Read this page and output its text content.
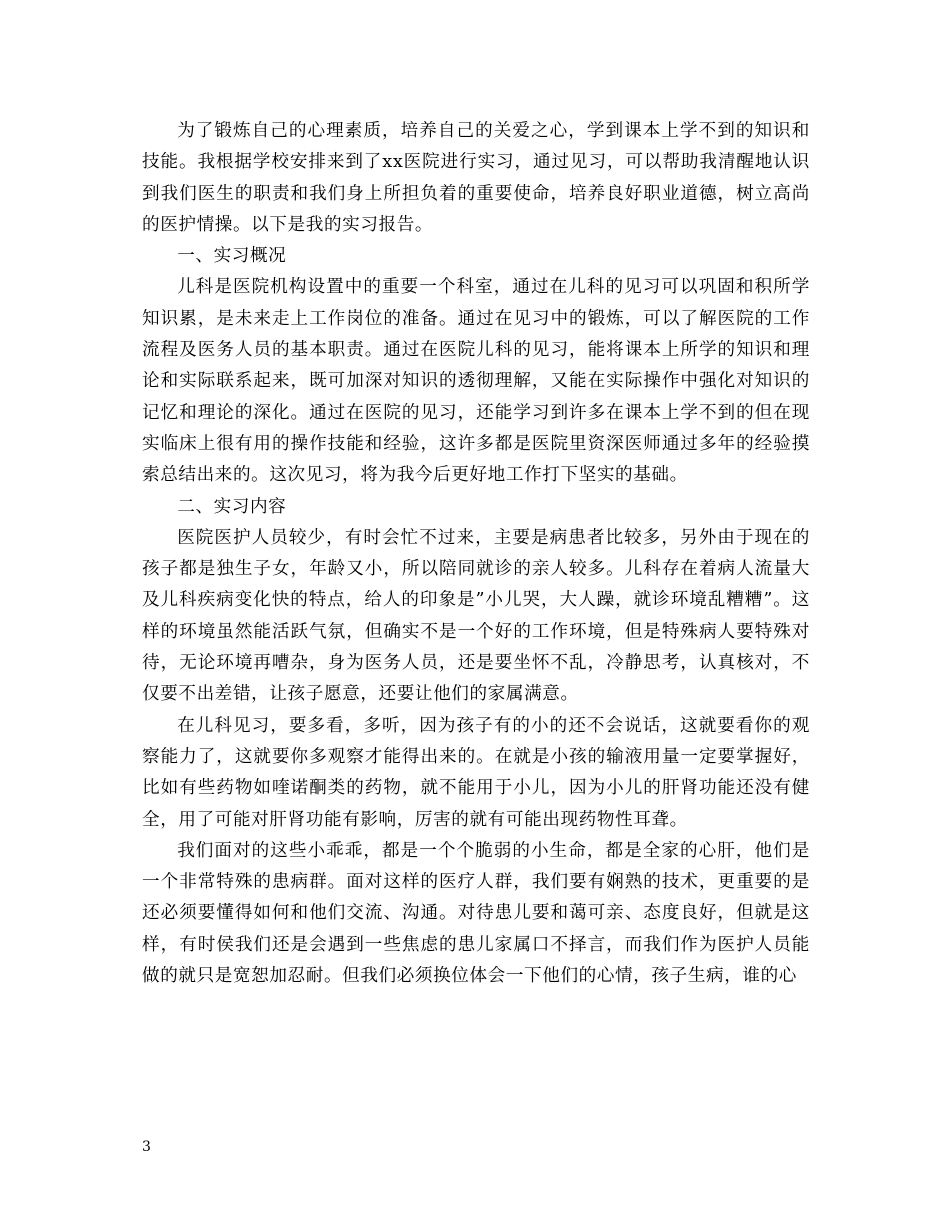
为了锻炼自己的心理素质，培养自己的关爱之心，学到课本上学不到的知识和技能。我根据学校安排来到了xx医院进行实习，通过见习，可以帮助我清醒地认识到我们医生的职责和我们身上所担负着的重要使命，培养良好职业道德，树立高尚的医护情操。以下是我的实习报告。

一、实习概况

儿科是医院机构设置中的重要一个科室，通过在儿科的见习可以巩固和积所学知识累，是未来走上工作岗位的准备。通过在见习中的锻炼，可以了解医院的工作流程及医务人员的基本职责。通过在医院儿科的见习，能将课本上所学的知识和理论和实际联系起来，既可加深对知识的透彻理解，又能在实际操作中强化对知识的记忆和理论的深化。通过在医院的见习，还能学习到许多在课本上学不到的但在现实临床上很有用的操作技能和经验，这许多都是医院里资深医师通过多年的经验摸索总结出来的。这次见习，将为我今后更好地工作打下坚实的基础。

二、实习内容

医院医护人员较少，有时会忙不过来，主要是病患者比较多，另外由于现在的孩子都是独生子女，年龄又小，所以陪同就诊的亲人较多。儿科存在着病人流量大及儿科疾病变化快的特点，给人的印象是”小儿哭，大人躁，就诊环境乱糟糟”。这样的环境虽然能活跃气氛，但确实不是一个好的工作环境，但是特殊病人要特殊对待，无论环境再嘈杂，身为医务人员，还是要坐怀不乱，冷静思考，认真核对，不仅要不出差错，让孩子愿意，还要让他们的家属满意。

在儿科见习，要多看，多听，因为孩子有的小的还不会说话，这就要看你的观察能力了，这就要你多观察才能得出来的。在就是小孩的输液用量一定要掌握好，比如有些药物如喹诺酮类的药物，就不能用于小儿，因为小儿的肝肾功能还没有健全，用了可能对肝肾功能有影响，厉害的就有可能出现药物性耳聋。

我们面对的这些小乖乖，都是一个个脆弱的小生命，都是全家的心肝，他们是一个非常特殊的患病群。面对这样的医疗人群，我们要有娴熟的技术，更重要的是还必须要懂得如何和他们交流、沟通。对待患儿要和蔼可亲、态度良好，但就是这样，有时侯我们还是会遇到一些焦虑的患儿家属口不择言，而我们作为医护人员能做的就只是宽恕加忍耐。但我们必须换位体会一下他们的心情，孩子生病，谁的心

3
